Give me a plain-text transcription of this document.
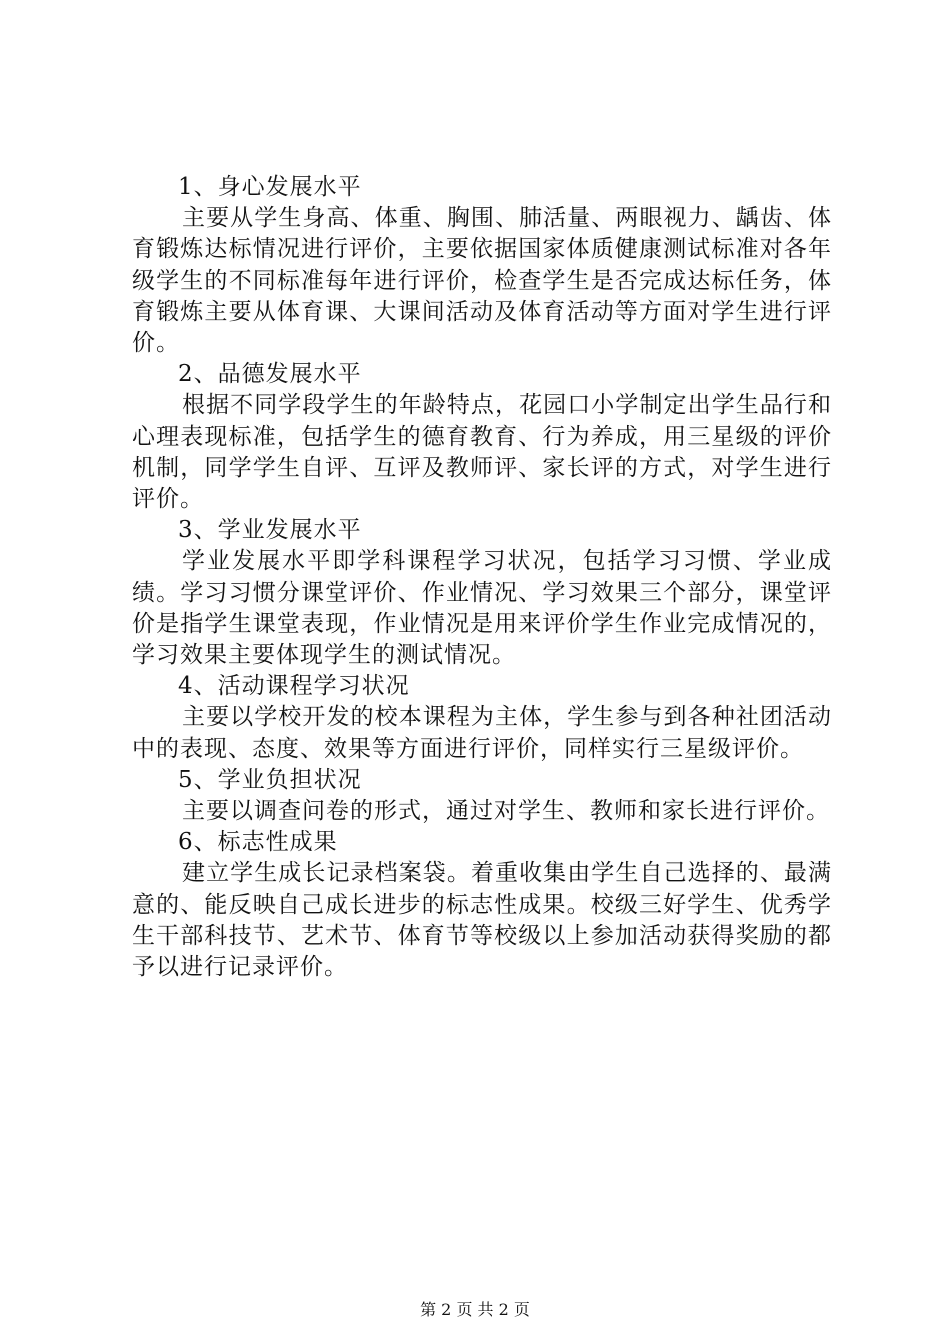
1、身心发展水平

主要从学生身高、体重、胸围、肺活量、两眼视力、龋齿、体育锻炼达标情况进行评价，主要依据国家体质健康测试标准对各年级学生的不同标准每年进行评价，检查学生是否完成达标任务，体育锻炼主要从体育课、大课间活动及体育活动等方面对学生进行评价。

2、品德发展水平

根据不同学段学生的年龄特点，花园口小学制定出学生品行和心理表现标准，包括学生的德育教育、行为养成，用三星级的评价机制，同学学生自评、互评及教师评、家长评的方式，对学生进行评价。

3、学业发展水平

学业发展水平即学科课程学习状况，包括学习习惯、学业成绩。学习习惯分课堂评价、作业情况、学习效果三个部分，课堂评价是指学生课堂表现，作业情况是用来评价学生作业完成情况的，学习效果主要体现学生的测试情况。

4、活动课程学习状况

主要以学校开发的校本课程为主体，学生参与到各种社团活动中的表现、态度、效果等方面进行评价，同样实行三星级评价。

5、学业负担状况

主要以调查问卷的形式，通过对学生、教师和家长进行评价。

6、标志性成果

建立学生成长记录档案袋。着重收集由学生自己选择的、最满意的、能反映自己成长进步的标志性成果。校级三好学生、优秀学生干部科技节、艺术节、体育节等校级以上参加活动获得奖励的都予以进行记录评价。

第 2 页 共 2 页
